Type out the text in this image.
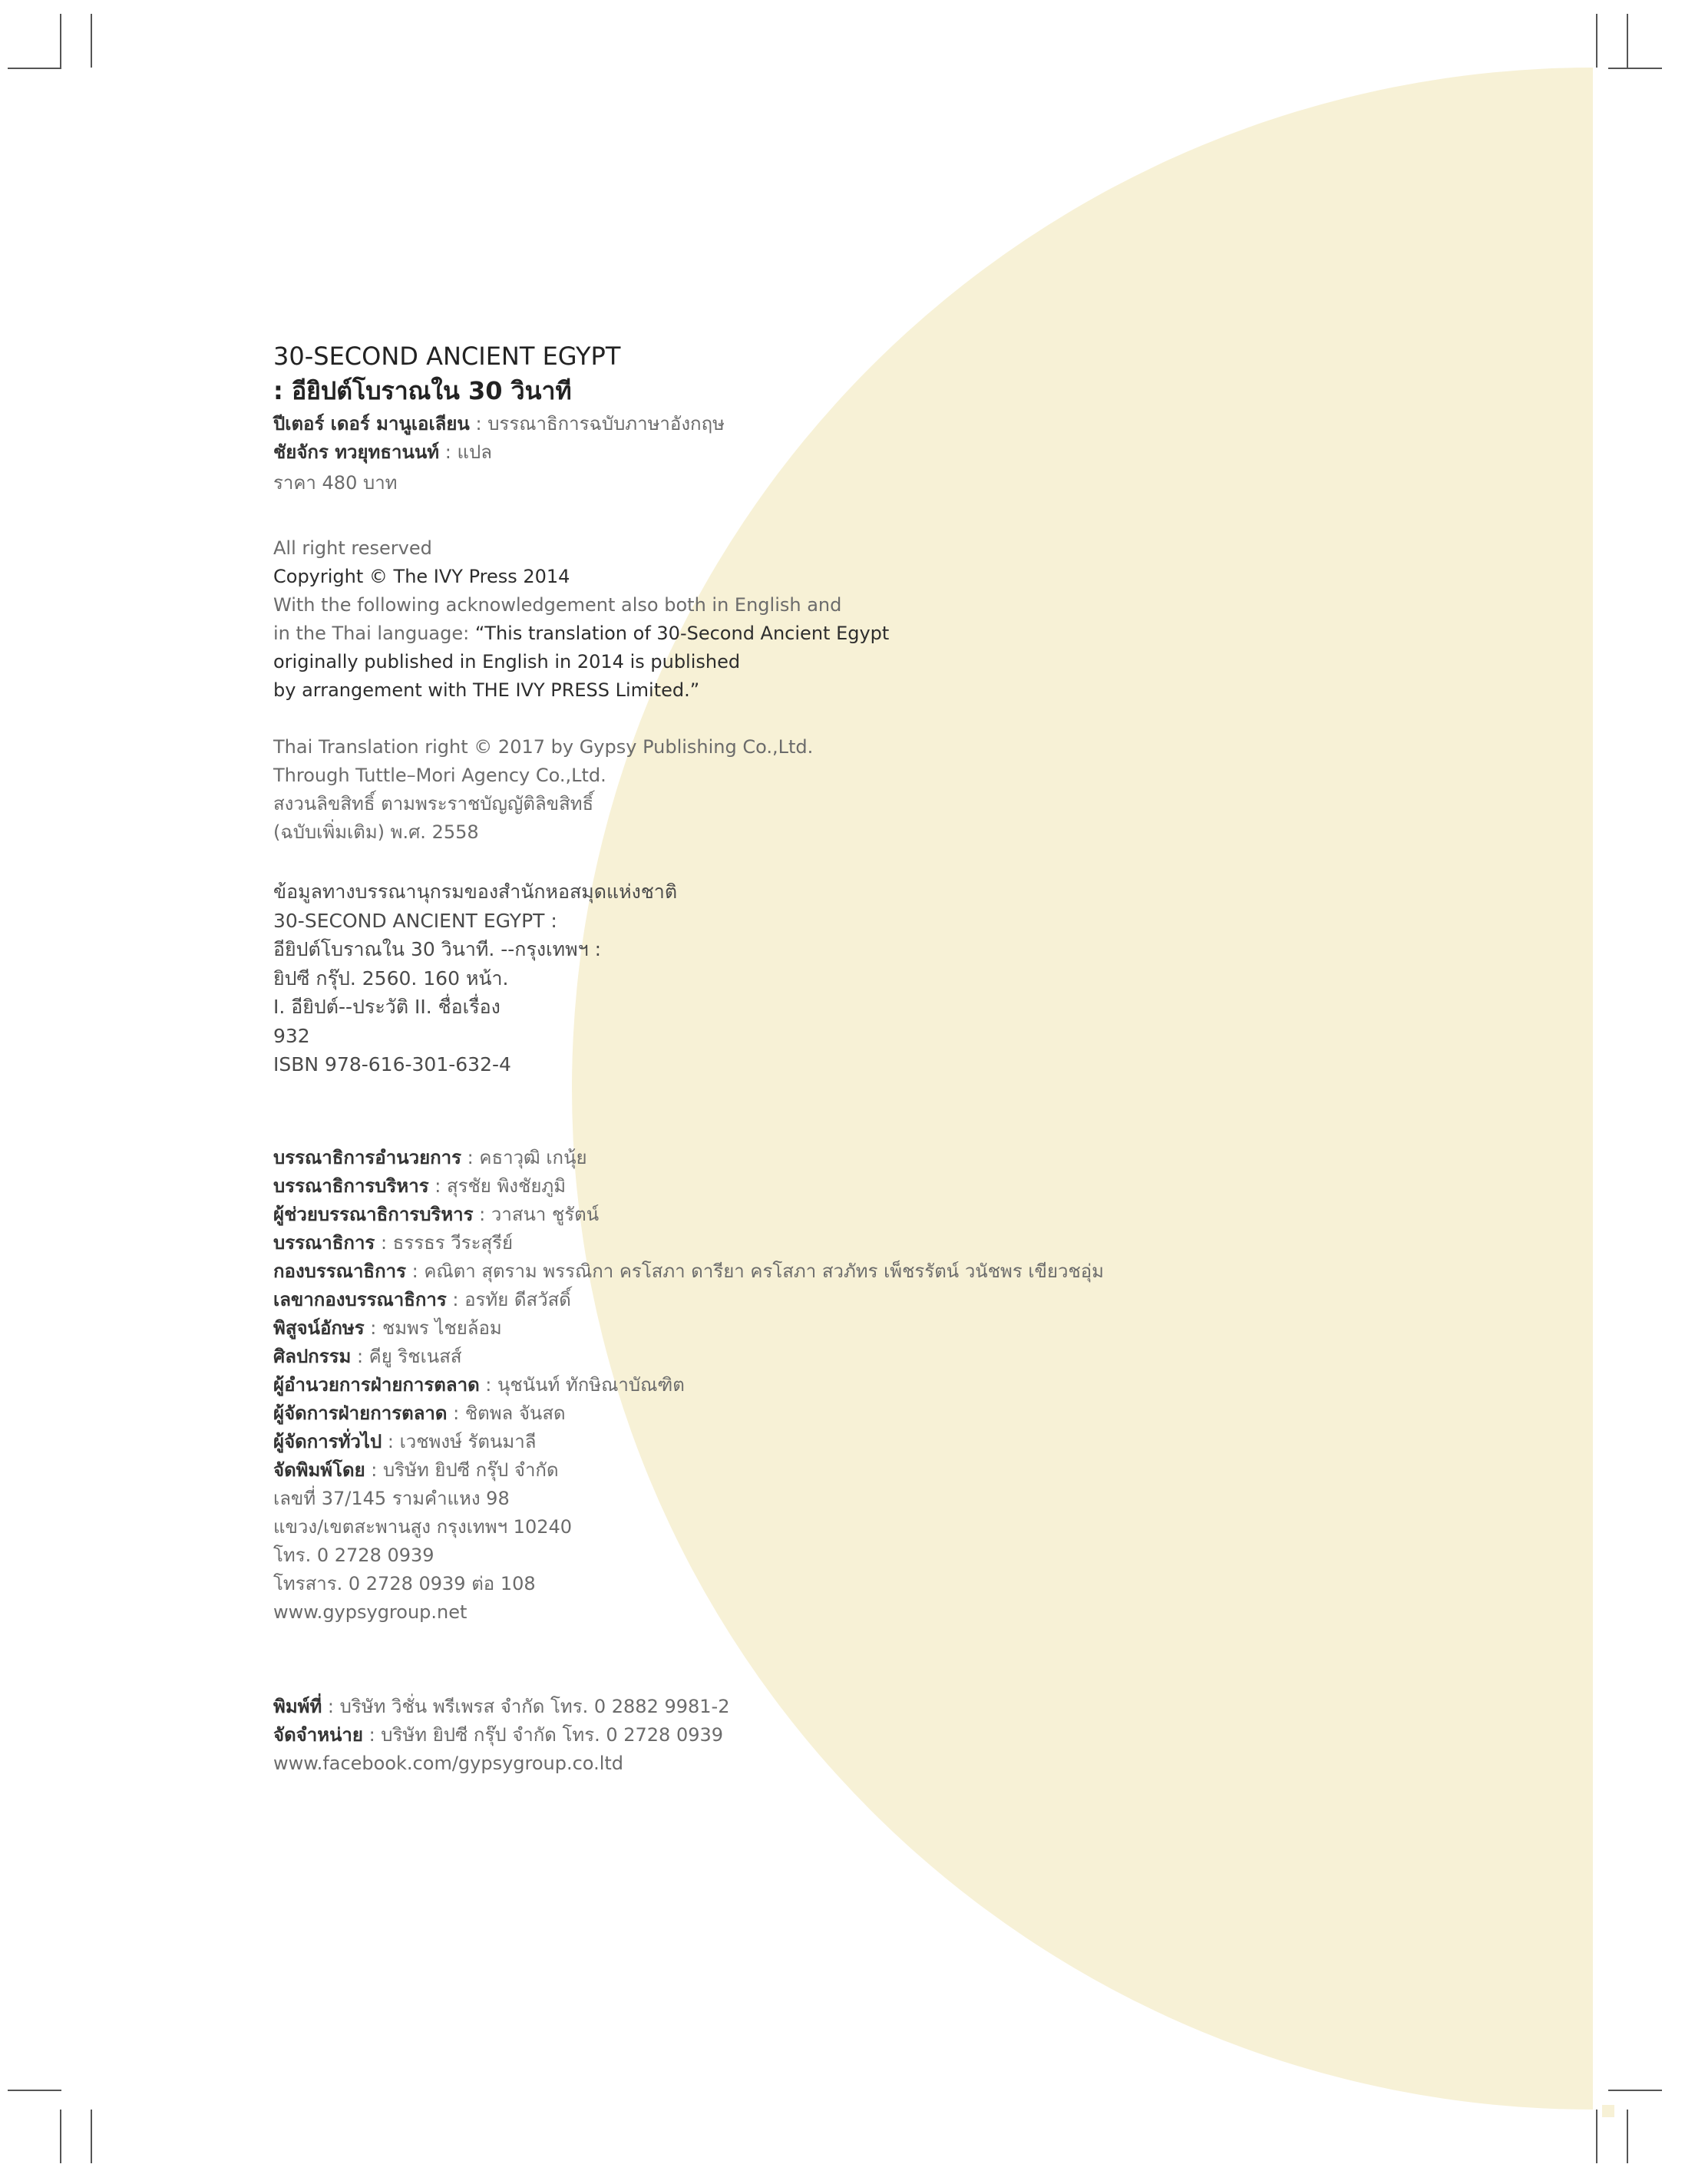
30-SECOND ANCIENT EGYPT
: อียิปต์โบราณใน 30 วินาที
ปีเตอร์ เดอร์ มานูเอเลียน : บรรณาธิการฉบับภาษาอังกฤษ
ชัยจักร ทวยุทธานนท์ : แปล
ราคา 480 บาท
All right reserved
Copyright © The IVY Press 2014
With the following acknowledgement also both in English and
in the Thai language: “This translation of 30-Second Ancient Egypt
originally published in English in 2014 is published
by arrangement with THE IVY PRESS Limited.”
Thai Translation right © 2017 by Gypsy Publishing Co.,Ltd.
Through Tuttle–Mori Agency Co.,Ltd.
สงวนลิขสิทธิ์ ตามพระราชบัญญัติลิขสิทธิ์
(ฉบับเพิ่มเติม) พ.ศ. 2558
ข้อมูลทางบรรณานุกรมของสำนักหอสมุดแห่งชาติ
30-SECOND ANCIENT EGYPT :
อียิปต์โบราณใน 30 วินาที. --กรุงเทพฯ :
ยิปซี กรุ๊ป. 2560. 160 หน้า.
I. อียิปต์--ประวัติ II. ชื่อเรื่อง
932
ISBN 978-616-301-632-4
บรรณาธิการอำนวยการ : คธาวุฒิ เกนุ้ย
บรรณาธิการบริหาร : สุรชัย พิงชัยภูมิ
ผู้ช่วยบรรณาธิการบริหาร : วาสนา ชูรัตน์
บรรณาธิการ : ธรรธร วีระสุรีย์
กองบรรณาธิการ : คณิตา สุตราม พรรณิกา ครโสภา ดารียา ครโสภา สวภัทร เพ็ชรรัตน์ วนัชพร เขียวชอุ่ม
เลขากองบรรณาธิการ : อรทัย ดีสวัสดิ์
พิสูจน์อักษร : ชมพร ไชยล้อม
ศิลปกรรม : คียู ริชเนสส์
ผู้อำนวยการฝ่ายการตลาด : นุชนันท์ ทักษิณาบัณฑิต
ผู้จัดการฝ่ายการตลาด : ชิตพล จันสด
ผู้จัดการทั่วไป : เวชพงษ์ รัตนมาลี
จัดพิมพ์โดย : บริษัท ยิปซี กรุ๊ป จำกัด
เลขที่ 37/145 รามคำแหง 98
แขวง/เขตสะพานสูง กรุงเทพฯ 10240
โทร. 0 2728 0939
โทรสาร. 0 2728 0939 ต่อ 108
www.gypsygroup.net
พิมพ์ที่ : บริษัท วิชั่น พรีเพรส จำกัด โทร. 0 2882 9981-2
จัดจำหน่าย : บริษัท ยิปซี กรุ๊ป จำกัด โทร. 0 2728 0939
www.facebook.com/gypsygroup.co.ltd
